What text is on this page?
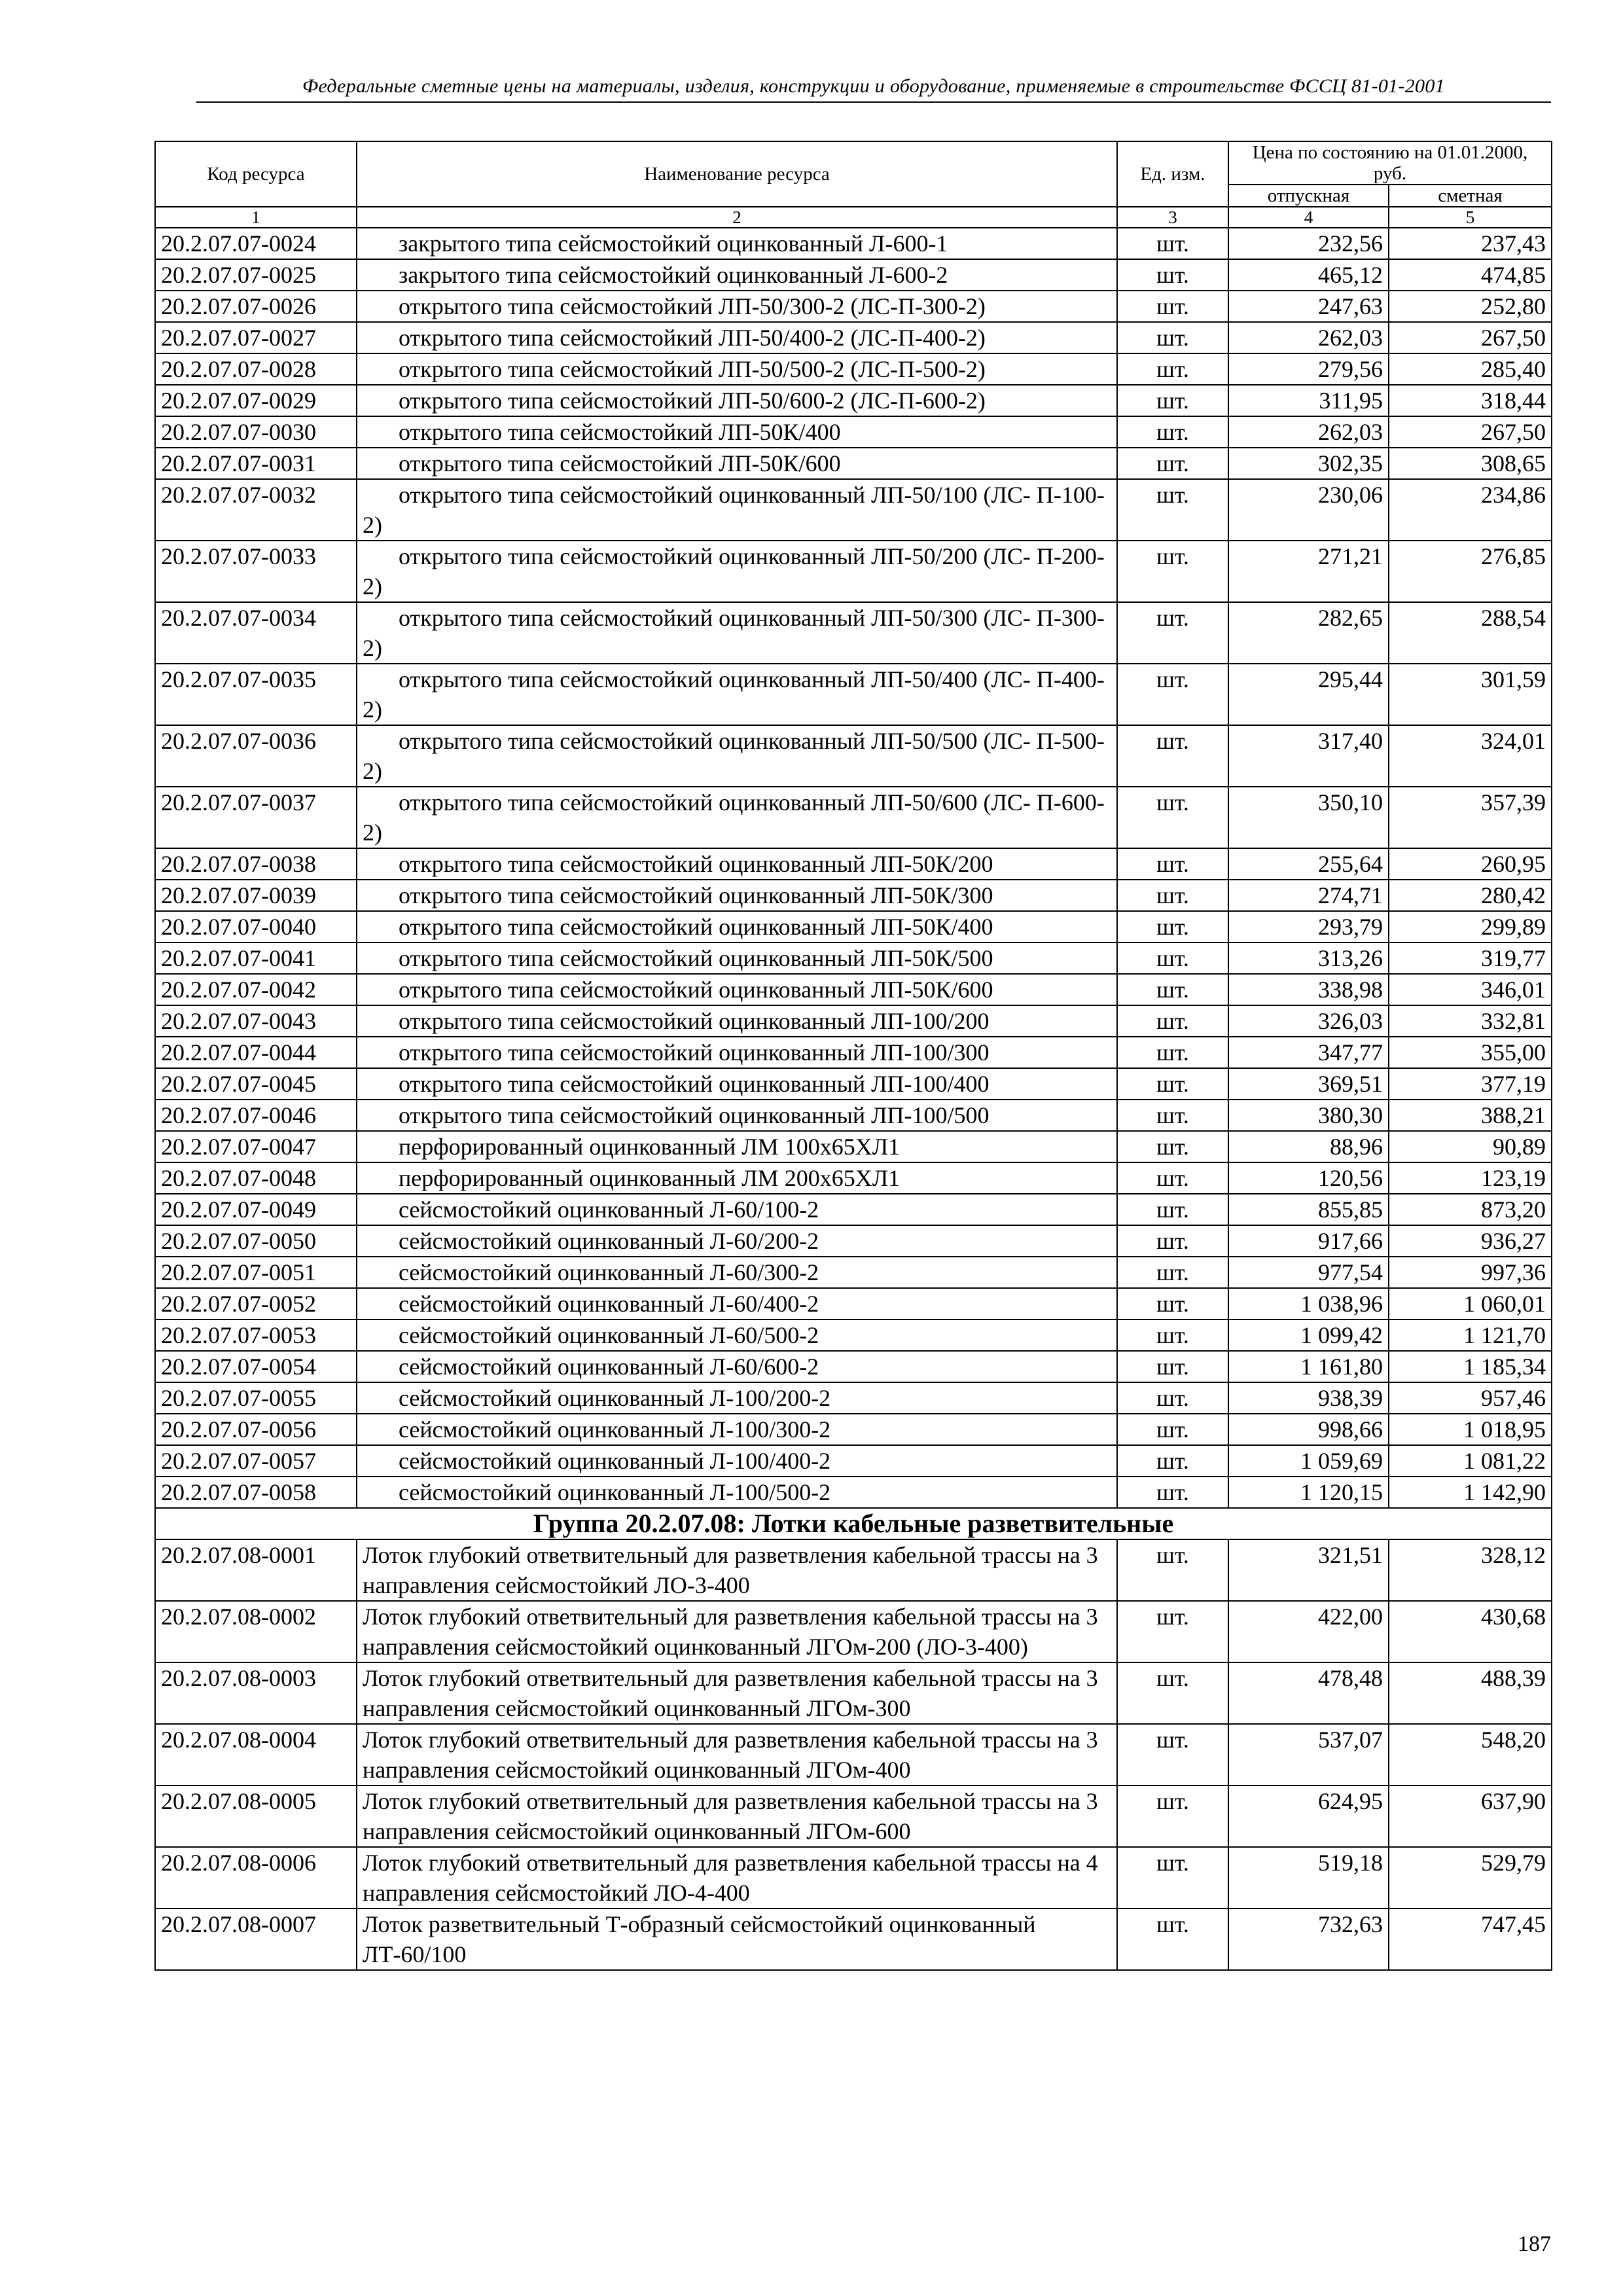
Федеральные сметные цены на материалы, изделия, конструкции и оборудование, применяемые в строительстве ФССЦ 81-01-2001
Код ресурса	Наименование ресурса	Ед. изм.	Цена по состоянию на 01.01.2000, руб.	
			отпускная	сметная
1	2	3	4	5
20.2.07.07-0024	закрытого типа сейсмостойкий оцинкованный Л-600-1	шт.	232,56	237,43
20.2.07.07-0025	закрытого типа сейсмостойкий оцинкованный Л-600-2	шт.	465,12	474,85
20.2.07.07-0026	открытого типа сейсмостойкий ЛП-50/300-2 (ЛС-П-300-2)	шт.	247,63	252,80
20.2.07.07-0027	открытого типа сейсмостойкий ЛП-50/400-2 (ЛС-П-400-2)	шт.	262,03	267,50
20.2.07.07-0028	открытого типа сейсмостойкий ЛП-50/500-2 (ЛС-П-500-2)	шт.	279,56	285,40
20.2.07.07-0029	открытого типа сейсмостойкий ЛП-50/600-2 (ЛС-П-600-2)	шт.	311,95	318,44
20.2.07.07-0030	открытого типа сейсмостойкий ЛП-50К/400	шт.	262,03	267,50
20.2.07.07-0031	открытого типа сейсмостойкий ЛП-50К/600	шт.	302,35	308,65
20.2.07.07-0032	открытого типа сейсмостойкий оцинкованный ЛП-50/100 (ЛС- П-100-2)	шт.	230,06	234,86
20.2.07.07-0033	открытого типа сейсмостойкий оцинкованный ЛП-50/200 (ЛС- П-200-2)	шт.	271,21	276,85
20.2.07.07-0034	открытого типа сейсмостойкий оцинкованный ЛП-50/300 (ЛС- П-300-2)	шт.	282,65	288,54
20.2.07.07-0035	открытого типа сейсмостойкий оцинкованный ЛП-50/400 (ЛС- П-400-2)	шт.	295,44	301,59
20.2.07.07-0036	открытого типа сейсмостойкий оцинкованный ЛП-50/500 (ЛС- П-500-2)	шт.	317,40	324,01
20.2.07.07-0037	открытого типа сейсмостойкий оцинкованный ЛП-50/600 (ЛС- П-600-2)	шт.	350,10	357,39
20.2.07.07-0038	открытого типа сейсмостойкий оцинкованный ЛП-50К/200	шт.	255,64	260,95
20.2.07.07-0039	открытого типа сейсмостойкий оцинкованный ЛП-50К/300	шт.	274,71	280,42
20.2.07.07-0040	открытого типа сейсмостойкий оцинкованный ЛП-50К/400	шт.	293,79	299,89
20.2.07.07-0041	открытого типа сейсмостойкий оцинкованный ЛП-50К/500	шт.	313,26	319,77
20.2.07.07-0042	открытого типа сейсмостойкий оцинкованный ЛП-50К/600	шт.	338,98	346,01
20.2.07.07-0043	открытого типа сейсмостойкий оцинкованный ЛП-100/200	шт.	326,03	332,81
20.2.07.07-0044	открытого типа сейсмостойкий оцинкованный ЛП-100/300	шт.	347,77	355,00
20.2.07.07-0045	открытого типа сейсмостойкий оцинкованный ЛП-100/400	шт.	369,51	377,19
20.2.07.07-0046	открытого типа сейсмостойкий оцинкованный ЛП-100/500	шт.	380,30	388,21
20.2.07.07-0047	перфорированный оцинкованный ЛМ 100х65ХЛ1	шт.	88,96	90,89
20.2.07.07-0048	перфорированный оцинкованный ЛМ 200х65ХЛ1	шт.	120,56	123,19
20.2.07.07-0049	сейсмостойкий оцинкованный Л-60/100-2	шт.	855,85	873,20
20.2.07.07-0050	сейсмостойкий оцинкованный Л-60/200-2	шт.	917,66	936,27
20.2.07.07-0051	сейсмостойкий оцинкованный Л-60/300-2	шт.	977,54	997,36
20.2.07.07-0052	сейсмостойкий оцинкованный Л-60/400-2	шт.	1 038,96	1 060,01
20.2.07.07-0053	сейсмостойкий оцинкованный Л-60/500-2	шт.	1 099,42	1 121,70
20.2.07.07-0054	сейсмостойкий оцинкованный Л-60/600-2	шт.	1 161,80	1 185,34
20.2.07.07-0055	сейсмостойкий оцинкованный Л-100/200-2	шт.	938,39	957,46
20.2.07.07-0056	сейсмостойкий оцинкованный Л-100/300-2	шт.	998,66	1 018,95
20.2.07.07-0057	сейсмостойкий оцинкованный Л-100/400-2	шт.	1 059,69	1 081,22
20.2.07.07-0058	сейсмостойкий оцинкованный Л-100/500-2	шт.	1 120,15	1 142,90
Группа 20.2.07.08: Лотки кабельные разветвительные				
20.2.07.08-0001	Лоток глубокий ответвительный для разветвления кабельной трассы на 3 направления сейсмостойкий ЛО-3-400	шт.	321,51	328,12
20.2.07.08-0002	Лоток глубокий ответвительный для разветвления кабельной трассы на 3 направления сейсмостойкий оцинкованный ЛГОм-200 (ЛО-3-400)	шт.	422,00	430,68
20.2.07.08-0003	Лоток глубокий ответвительный для разветвления кабельной трассы на 3 направления сейсмостойкий оцинкованный ЛГОм-300	шт.	478,48	488,39
20.2.07.08-0004	Лоток глубокий ответвительный для разветвления кабельной трассы на 3 направления сейсмостойкий оцинкованный ЛГОм-400	шт.	537,07	548,20
20.2.07.08-0005	Лоток глубокий ответвительный для разветвления кабельной трассы на 3 направления сейсмостойкий оцинкованный ЛГОм-600	шт.	624,95	637,90
20.2.07.08-0006	Лоток глубокий ответвительный для разветвления кабельной трассы на 4 направления сейсмостойкий ЛО-4-400	шт.	519,18	529,79
20.2.07.08-0007	Лоток разветвительный Т-образный сейсмостойкий оцинкованный ЛТ-60/100	шт.	732,63	747,45
187
